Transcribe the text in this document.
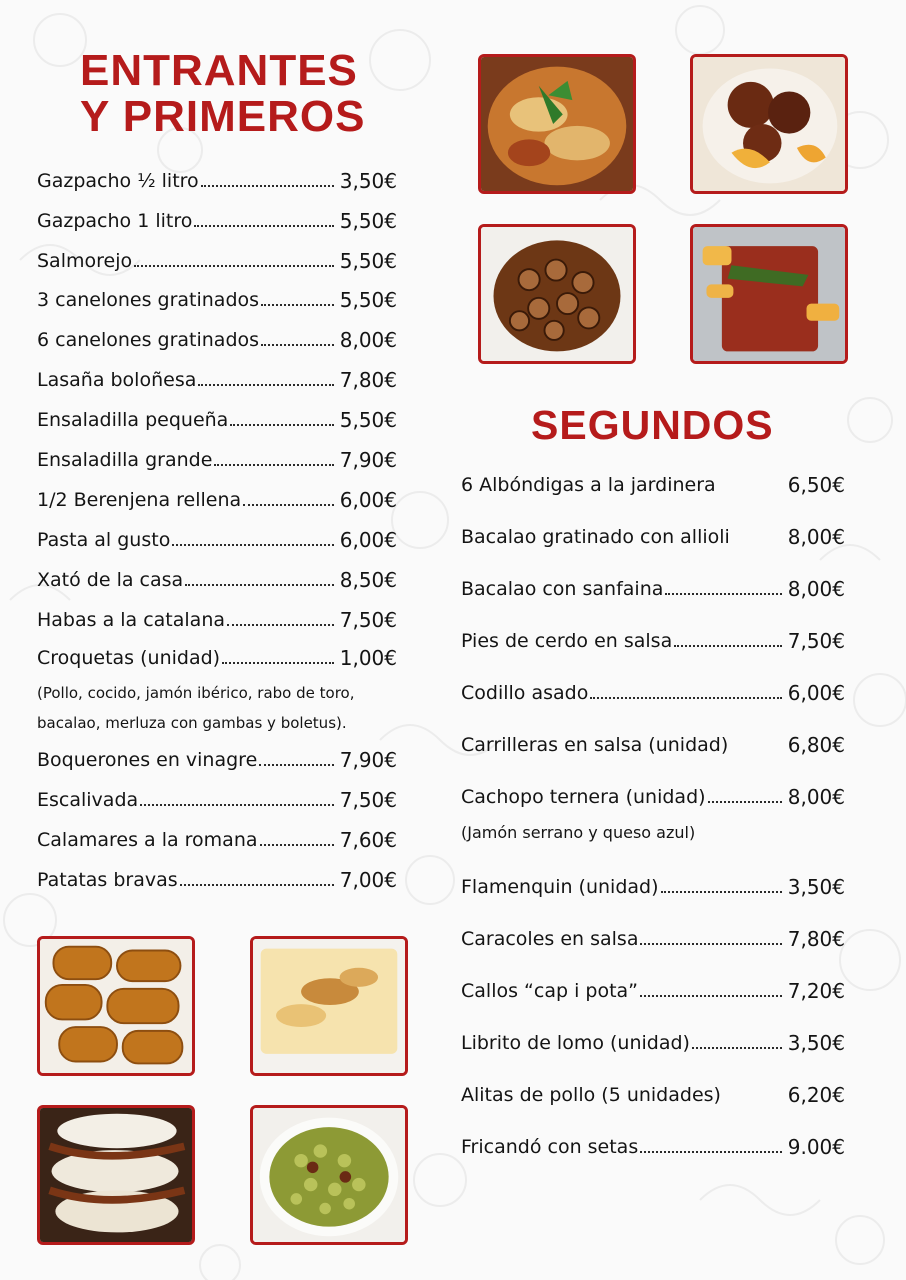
ENTRANTES
Y PRIMEROS
Gazpacho ½ litro	3,50€
Gazpacho 1 litro	5,50€
Salmorejo	5,50€
3 canelones gratinados	5,50€
6 canelones gratinados	8,00€
Lasaña boloñesa	7,80€
Ensaladilla pequeña	5,50€
Ensaladilla grande	7,90€
1/2 Berenjena rellena	6,00€
Pasta al gusto	6,00€
Xató de la casa	8,50€
Habas a la catalana	7,50€
Croquetas (unidad)	1,00€
Boquerones en vinagre	7,90€
Escalivada	7,50€
Calamares a la romana	7,60€
Patatas bravas	7,00€
(Pollo, cocido, jamón ibérico, rabo de toro,
bacalao, merluza con gambas y boletus).
SEGUNDOS
6 Albóndigas a la jardinera	6,50€
Bacalao gratinado con allioli	8,00€
Bacalao con sanfaina	8,00€
Pies de cerdo en salsa	7,50€
Codillo asado	6,00€
Carrilleras en salsa (unidad)	6,80€
Cachopo ternera (unidad)	8,00€
Flamenquin (unidad)	3,50€
Caracoles en salsa	7,80€
Callos “cap i pota”	7,20€
Librito de lomo (unidad)	3,50€
Alitas de pollo (5 unidades)	6,20€
Fricandó con setas	9.00€
(Jamón serrano y queso azul)
